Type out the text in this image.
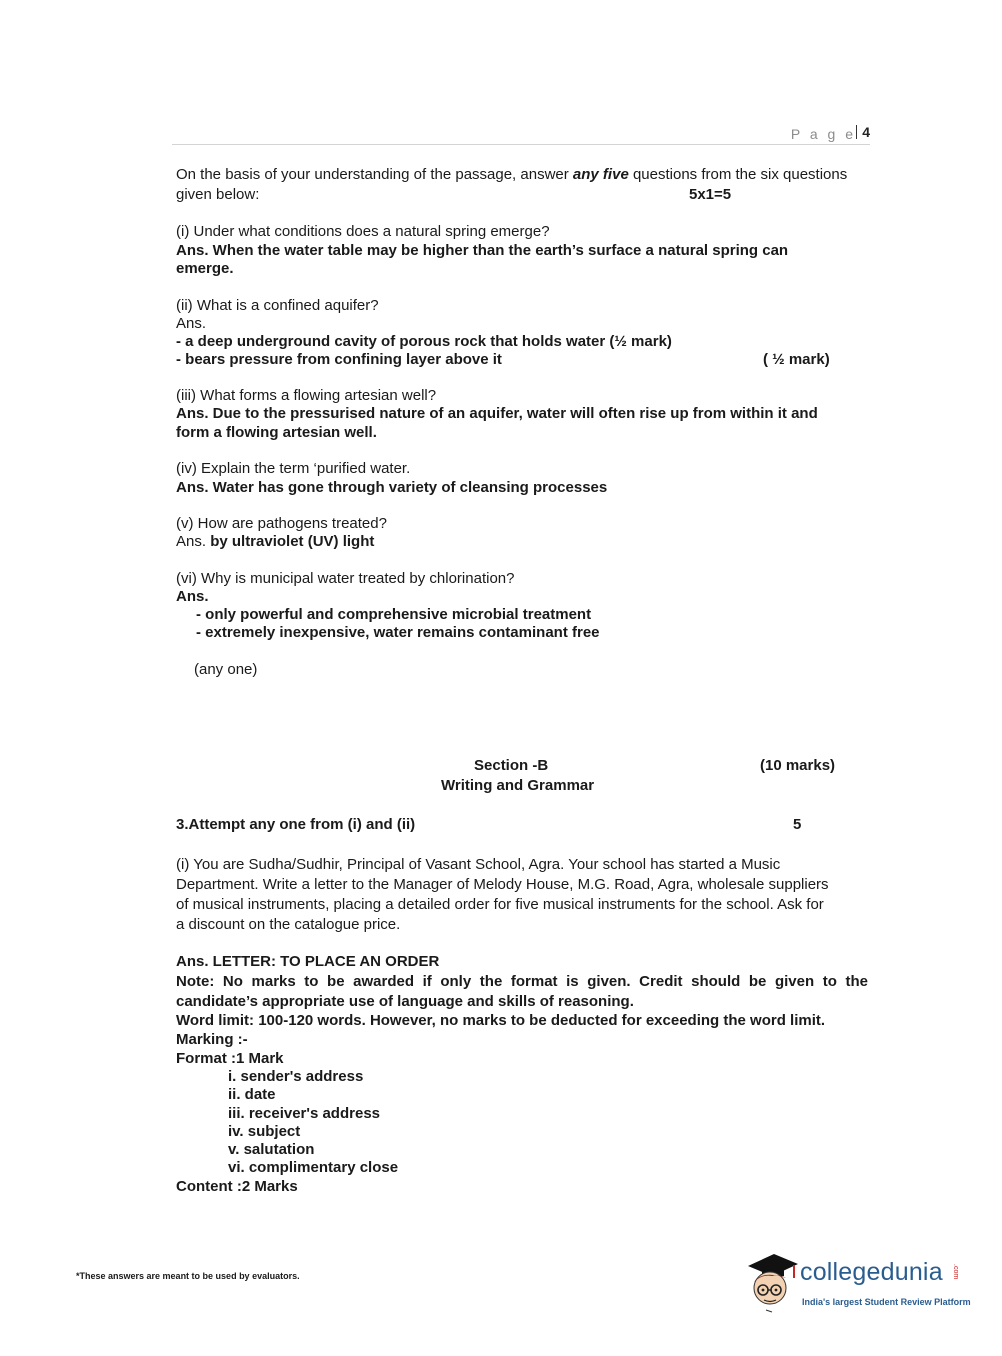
P a g e 4
On the basis of your understanding of the passage, answer any five questions from the six questions
given below:	5x1=5
(i) Under what conditions does a natural spring emerge?
Ans. When the water table may be higher than the earth’s surface a natural spring can
emerge.
(ii) What is a confined aquifer?
Ans.
- a deep underground cavity of porous rock that holds water (½ mark)
- bears pressure from confining layer above it	( ½ mark)
(iii) What forms a flowing artesian well?
Ans. Due to the pressurised nature of an aquifer, water will often rise up from within it and
form a flowing artesian well.
(iv) Explain the term ‘purified water.
Ans. Water has gone through variety of cleansing processes
(v) How are pathogens treated?
Ans. by ultraviolet (UV) light
(vi) Why is municipal water treated by chlorination?
Ans.
- only powerful and comprehensive microbial treatment
- extremely inexpensive, water remains contaminant free
(any one)
Section -B	(10 marks)
Writing and Grammar
3.Attempt any one from (i) and (ii)	5
(i) You are Sudha/Sudhir, Principal of Vasant School, Agra. Your school has started a Music
Department. Write a letter to the Manager of Melody House, M.G. Road, Agra, wholesale suppliers
of musical instruments, placing a detailed order for five musical instruments for the school. Ask for
a discount on the catalogue price.
Ans. LETTER: TO PLACE AN ORDER
Note: No marks to be awarded if only the format is given. Credit should be given to the
candidate’s appropriate use of language and skills of reasoning.
Word limit: 100-120 words. However, no marks to be deducted for exceeding the word limit.
Marking :-
Format :1 Mark
i. sender's address
ii. date
iii. receiver's address
iv. subject
v. salutation
vi. complimentary close
Content :2 Marks
*These answers are meant to be used by evaluators.	collegedunia .com
India's largest Student Review Platform
